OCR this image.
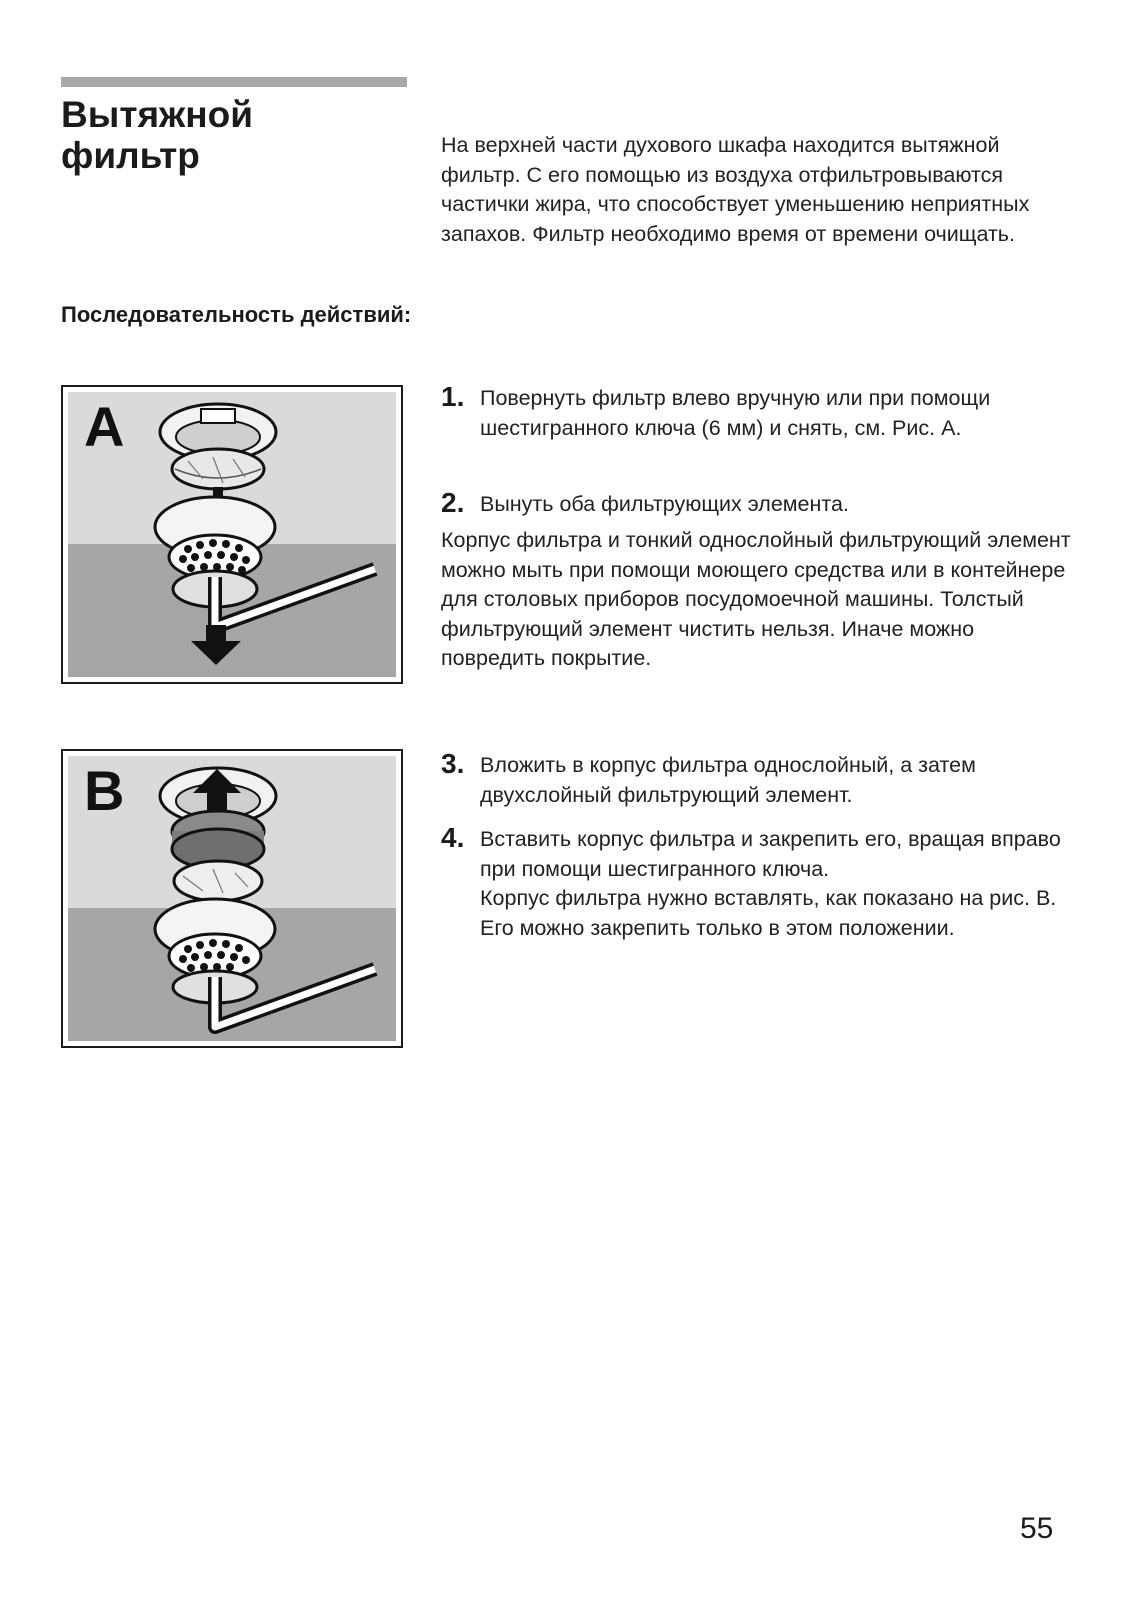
Вытяжной
фильтр	На верхней части духового шкафа находится вытяжной фильтр. С его помощью из воздуха отфильтровываются частички жира, что способствует уменьшению неприятных запахов. Фильтр необходимо время от времени очищать.

Последовательность действий:

A

B

1. Повернуть фильтр влево вручную или при помощи шестигранного ключа (6 мм) и снять, см. Рис. А.

2. Вынуть оба фильтрующих элемента.

Корпус фильтра и тонкий однослойный фильтрующий элемент можно мыть при помощи моющего средства или в контейнере для столовых приборов посудомоечной машины. Толстый фильтрующий элемент чистить нельзя. Иначе можно повредить покрытие.

3. Вложить в корпус фильтра однослойный, а затем двухслойный фильтрующий элемент.

4. Вставить корпус фильтра и закрепить его, вращая вправо при помощи шестигранного ключа.

Корпус фильтра нужно вставлять, как показано на рис. В. Его можно закрепить только в этом положении.

55
